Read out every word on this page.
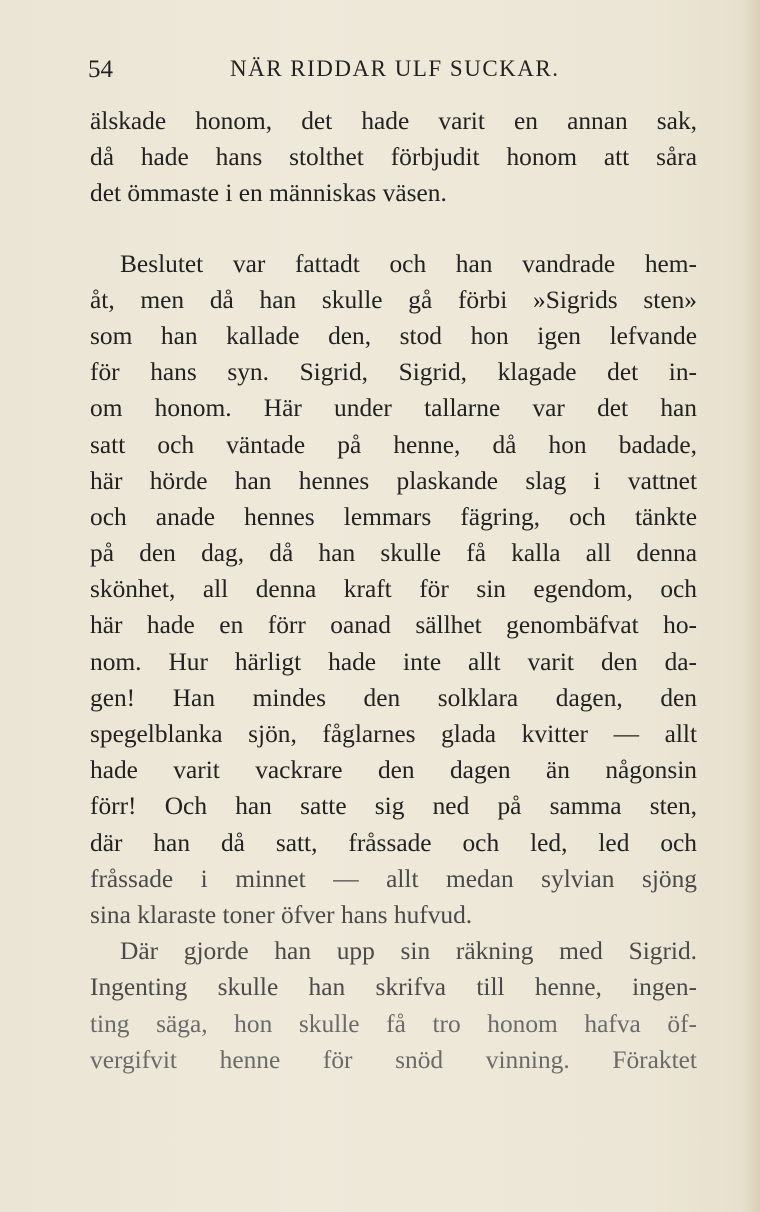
54	NÄR RIDDAR ULF SUCKAR.
älskade honom, det hade varit en annan sak,
då hade hans stolthet förbjudit honom att såra
det ömmaste i en människas väsen.
Beslutet var fattadt och han vandrade hem-
åt, men då han skulle gå förbi »Sigrids sten»
som han kallade den, stod hon igen lefvande
för hans syn. Sigrid, Sigrid, klagade det in-
om honom. Här under tallarne var det han
satt och väntade på henne, då hon badade,
här hörde han hennes plaskande slag i vattnet
och anade hennes lemmars fägring, och tänkte
på den dag, då han skulle få kalla all denna
skönhet, all denna kraft för sin egendom, och
här hade en förr oanad sällhet genombäfvat ho-
nom. Hur härligt hade inte allt varit den da-
gen! Han mindes den solklara dagen, den
spegelblanka sjön, fåglarnes glada kvitter — allt
hade varit vackrare den dagen än någonsin
förr! Och han satte sig ned på samma sten,
där han då satt, fråssade och led, led och
fråssade i minnet — allt medan sylvian sjöng
sina klaraste toner öfver hans hufvud.
Där gjorde han upp sin räkning med Sigrid.
Ingenting skulle han skrifva till henne, ingen-
ting säga, hon skulle få tro honom hafva öf-
vergifvit henne för snöd vinning. Föraktet
